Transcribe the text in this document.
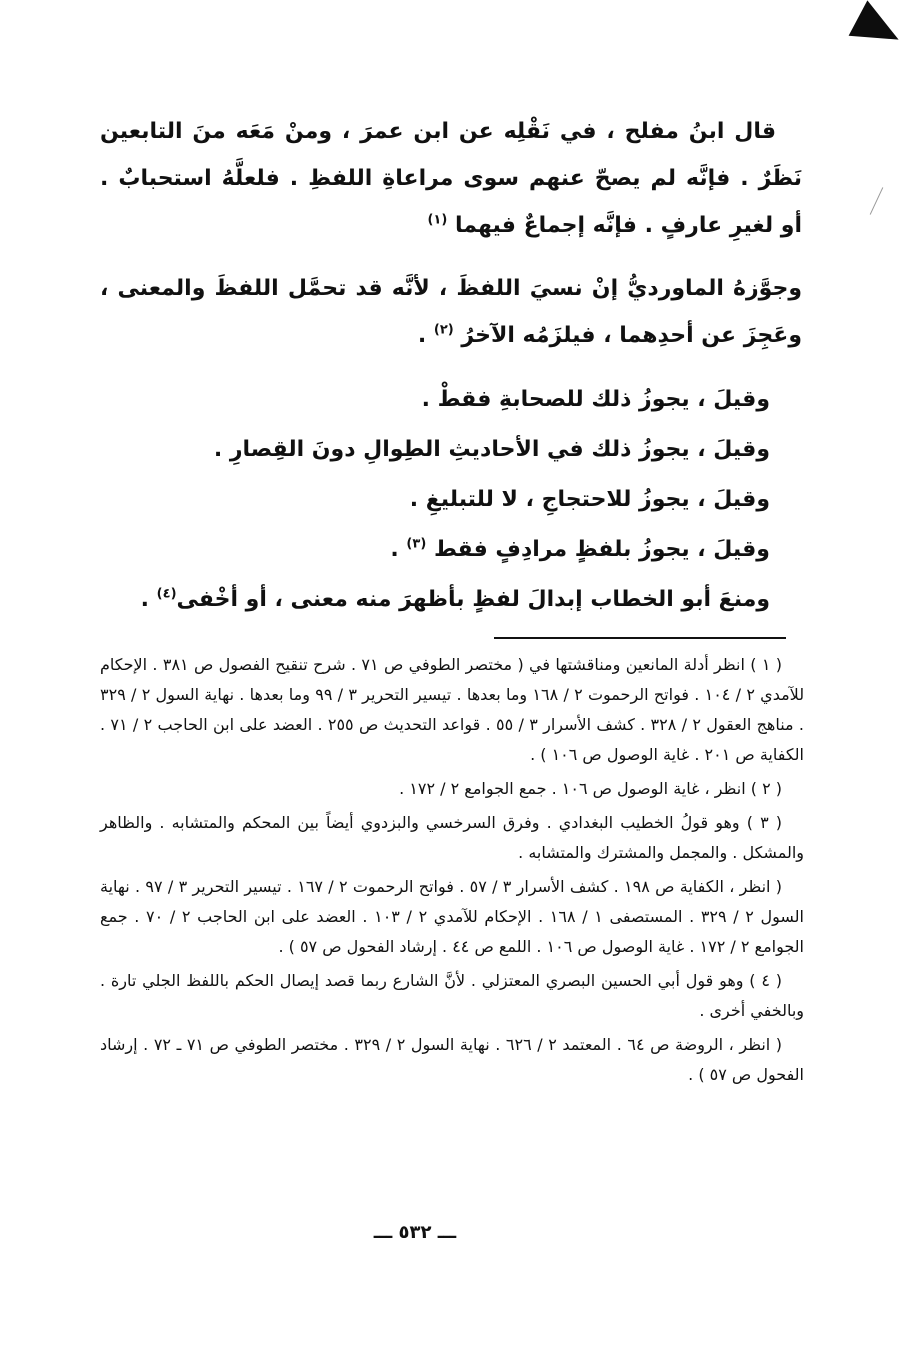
قال ابنُ مفلح ، في نَقْلِه عن ابن عمرَ ، ومنْ مَعَه منَ التابعين نَظَرٌ . فإنَّه لم يصحّ عنهم سوى مراعاةِ اللفظِ . فلعلَّهُ استحبابٌ . أو لغيرِ عارفٍ . فإنَّه إجماعٌ فيهما $^{(١)}$

وجوَّزهُ الماورديُّ إنْ نسيَ اللفظَ ، لأنَّه قد تحمَّل اللفظَ والمعنى ، وعَجِزَ عن أحدِهما ، فيلزَمُه الآخرُ $^{(٢)}$ .

وقيلَ ، يجوزُ ذلك للصحابةِ فقطْ .

وقيلَ ، يجوزُ ذلك في الأحاديثِ الطِوالِ دونَ القِصارِ .

وقيلَ ، يجوزُ للاحتجاجِ ، لا للتبليغِ .

وقيلَ ، يجوزُ بلفظٍ مرادِفٍ فقط $^{(٣)}$ .

ومنعَ أبو الخطاب إبدالَ لفظٍ بأظهرَ منه معنى ، أو أخْفى$^{(٤)}$ .

( ١ ) انظر أدلة المانعين ومناقشتها في ( مختصر الطوفي ص ٧١ . شرح تنقيح الفصول ص ٣٨١ . الإحكام للآمدي ٢ / ١٠٤ . فواتح الرحموت ٢ / ١٦٨ وما بعدها . تيسير التحرير ٣ / ٩٩ وما بعدها . نهاية السول ٢ / ٣٢٩ . مناهج العقول ٢ / ٣٢٨ . كشف الأسرار ٣ / ٥٥ . قواعد التحديث ص ٢٥٥ . العضد على ابن الحاجب ٢ / ٧١ . الكفاية ص ٢٠١ . غاية الوصول ص ١٠٦ ) .

( ٢ ) انظر ، غاية الوصول ص ١٠٦ . جمع الجوامع ٢ / ١٧٢ .

( ٣ ) وهو قولُ الخطيب البغدادي . وفرق السرخسي والبزدوي أيضاً بين المحكم والمتشابه . والظاهر والمشكل . والمجمل والمشترك والمتشابه .

( انظر ، الكفاية ص ١٩٨ . كشف الأسرار ٣ / ٥٧ . فواتح الرحموت ٢ / ١٦٧ . تيسير التحرير ٣ / ٩٧ . نهاية السول ٢ / ٣٢٩ . المستصفى ١ / ١٦٨ . الإحكام للآمدي ٢ / ١٠٣ . العضد على ابن الحاجب ٢ / ٧٠ . جمع الجوامع ٢ / ١٧٢ . غاية الوصول ص ١٠٦ . اللمع ص ٤٤ . إرشاد الفحول ص ٥٧ ) .

( ٤ ) وهو قول أبي الحسين البصري المعتزلي . لأنَّ الشارع ربما قصد إيصال الحكم باللفظ الجلي تارة . وبالخفي أخرى .

( انظر ، الروضة ص ٦٤ . المعتمد ٢ / ٦٢٦ . نهاية السول ٢ / ٣٢٩ . مختصر الطوفي ص ٧١ ـ ٧٢ . إرشاد الفحول ص ٥٧ ) .

ـــ ٥٣٢ ـــ
